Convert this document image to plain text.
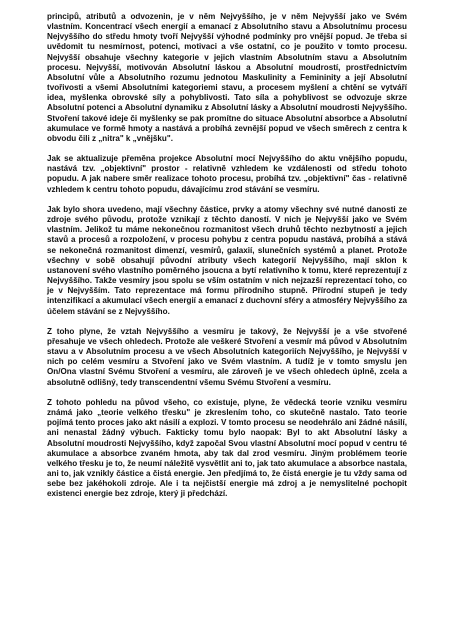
principů, atributů a odvozenin, je v něm Nejvyššího, je v něm Nejvyšší jako ve Svém vlastním. Koncentrací všech energií a emanací z Absolutního stavu a Absolutnímu procesu Nejvyššího do středu hmoty tvoří Nejvyšší výhodné podmínky pro vnější popud. Je třeba si uvědomit tu nesmírnost, potenci, motivaci a vše ostatní, co je použito v tomto procesu. Nejvyšší obsahuje všechny kategorie v jejich vlastním Absolutním stavu a Absolutním procesu. Nejvyšší, motivován Absolutní láskou a Absolutní moudrostí, prostřednictvím Absolutní vůle a Absolutního rozumu jednotou Maskulinity a Femininity a její Absolutní tvořivosti a všemi Absolutními kategoriemi stavu, a procesem myšlení a chtění se vytváří idea, myšlenka obrovské síly a pohyblivosti. Tato síla a pohyblivost se odvozuje skrze Absolutní potenci a Absolutní dynamiku z Absolutní lásky a Absolutní moudrosti Nejvyššího. Stvoření takové ideje či myšlenky se pak promítne do situace Absolutní absorbce a Absolutní akumulace ve formě hmoty a nastává a probíhá zevnější popud ve všech směrech z centra k obvodu čili z „nitra" k „vnějšku".

Jak se aktualizuje přeměna projekce Absolutní mocí Nejvyššího do aktu vnějšího popudu, nastává tzv. „objektivní" prostor - relativně vzhledem ke vzdálenosti od středu tohoto popudu. A jak nabere směr realizace tohoto procesu, probíhá tzv. „objektivní" čas - relativně vzhledem k centru tohoto popudu, dávajícímu zrod stávání se vesmíru.

Jak bylo shora uvedeno, mají všechny částice, prvky a atomy všechny své nutné danosti ze zdroje svého původu, protože vznikají z těchto daností. V nich je Nejvyšší jako ve Svém vlastním. Jelikož tu máme nekonečnou rozmanitost všech druhů těchto nezbytností a jejich stavů a procesů a rozpoložení, v procesu pohybu z centra popudu nastává, probíhá a stává se nekonečná rozmanitost dimenzí, vesmírů, galaxií, slunečních systémů a planet. Protože všechny v sobě obsahují původní atributy všech kategorií Nejvyššího, mají sklon k ustanovení svého vlastního poměrného jsoucna a bytí relativního k tomu, které reprezentují z Nejvyššího. Takže vesmíry jsou spolu se vším ostatním v nich nejzazší reprezentací toho, co je v Nejvyšším. Tato reprezentace má formu přírodního stupně. Přírodní stupeň je tedy intenzifikací a akumulací všech energií a emanací z duchovní sféry a atmosféry Nejvyššího za účelem stávání se z Nejvyššího.

Z toho plyne, že vztah Nejvyššího a vesmíru je takový, že Nejvyšší je a vše stvořené přesahuje ve všech ohledech. Protože ale veškeré Stvoření a vesmír má původ v Absolutním stavu a v Absolutním procesu a ve všech Absolutních kategoriích Nejvyššího, je Nejvyšší v nich po celém vesmíru a Stvoření jako ve Svém vlastním. A tudíž je v tomto smyslu jen On/Ona vlastní Svému Stvoření a vesmíru, ale zároveň je ve všech ohledech úplně, zcela a absolutně odlišný, tedy transcendentní všemu Svému Stvoření a vesmíru.

Z tohoto pohledu na původ všeho, co existuje, plyne, že vědecká teorie vzniku vesmíru známá jako „teorie velkého třesku" je zkreslením toho, co skutečně nastalo. Tato teorie pojímá tento proces jako akt násilí a explozi. V tomto procesu se neodehrálo ani žádné násilí, ani nenastal žádný výbuch. Fakticky tomu bylo naopak: Byl to akt Absolutní lásky a Absolutní moudrosti Nejvyššího, když započal Svou vlastní Absolutní mocí popud v centru té akumulace a absorbce zvaném hmota, aby tak dal zrod vesmíru. Jiným problémem teorie velkého třesku je to, že neumí náležitě vysvětlit ani to, jak tato akumulace a absorbce nastala, ani to, jak vznikly částice a čistá energie. Jen předjímá to, že čistá energie je tu vždy sama od sebe bez jakéhokoli zdroje. Ale i ta nejčistší energie má zdroj a je nemyslitelné pochopit existenci energie bez zdroje, který ji předchází.
